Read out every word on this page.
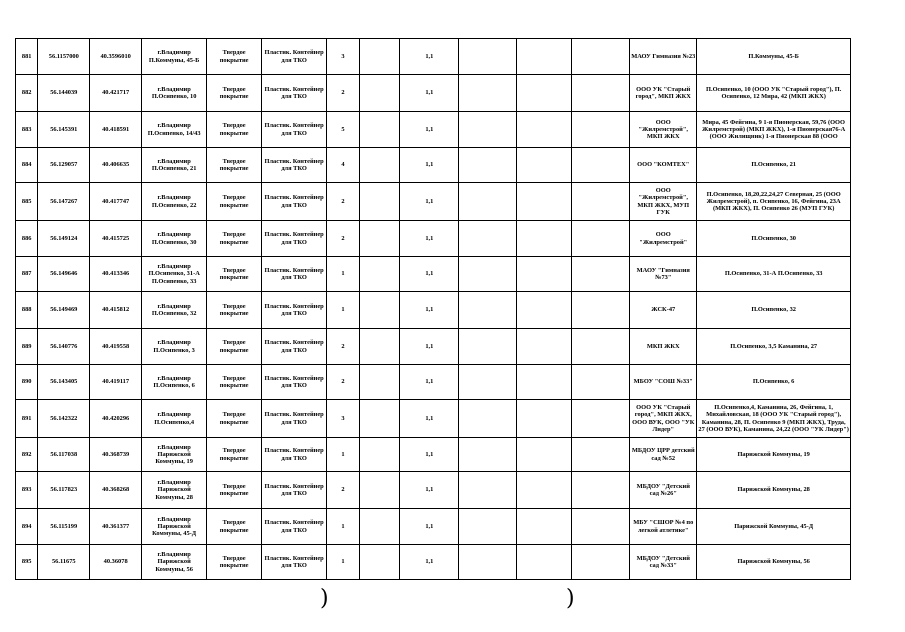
881	56.1157000	40.3596010	г.Владимир П.Коммуны, 45-Б	Твердое покрытие	Пластик. Контейнер для ТКО	3		1,1				МАОУ Гимназия №23	П.Коммуны, 45-Б

882	56.144039	40.421717	г.Владимир П.Осипенко, 10	Твердое покрытие	Пластик. Контейнер для ТКО	2		1,1				ООО УК "Старый город", МКП ЖКХ	П.Осипенко, 10 (ООО УК "Старый город"), П. Осипенко, 12 Мира, 42 (МКП ЖКХ)

883	56.145391	40.418591	г.Владимир П.Осипенко, 14/43	Твердое покрытие	Пластик. Контейнер для ТКО	5		1,1				ООО "Жилремстрой", МКП ЖКХ	Мира, 45 Фейгина, 9 1-я Пионерская, 59,76 (ООО Жилремстрой) (МКП ЖКХ), 1-я Пионерская76-А (ООО Жилищник) 1-я Пионерская 88 (ООО

884	56.129057	40.406635	г.Владимир П.Осипенко, 21	Твердое покрытие	Пластик. Контейнер для ТКО	4		1,1				ООО "КОМТЕХ"	П.Осипенко, 21

885	56.147267	40.417747	г.Владимир П.Осипенко, 22	Твердое покрытие	Пластик. Контейнер для ТКО	2		1,1				ООО "Жилремстрой", МКП ЖКХ, МУП ГУК	П.Осипенко, 18,20,22,24,27 Северная, 25 (ООО Жилремстрой), п. Осипенко, 16, Фейгина, 23А (МКП ЖКХ), П. Осипенко 26 (МУП ГУК)

886	56.149124	40.415725	г.Владимир П.Осипенко, 30	Твердое покрытие	Пластик. Контейнер для ТКО	2		1,1				ООО "Жилремстрой"	П.Осипенко, 30

887	56.149646	40.413346	г.Владимир П.Осипенко, 31-А П.Осипенко, 33	Твердое покрытие	Пластик. Контейнер для ТКО	1		1,1				МАОУ "Гимназия №73"	П.Осипенко, 31-А П.Осипенко, 33

888	56.149469	40.415812	г.Владимир П.Осипенко, 32	Твердое покрытие	Пластик. Контейнер для ТКО	1		1,1				ЖСК-47	П.Осипенко, 32

889	56.140776	40.419558	г.Владимир П.Осипенко, 3	Твердое покрытие	Пластик. Контейнер для ТКО	2		1,1				МКП ЖКХ	П.Осипенко, 3,5 Каманина, 27

890	56.143405	40.419117	г.Владимир П.Осипенко, 6	Твердое покрытие	Пластик. Контейнер для ТКО	2		1,1				МБОУ "СОШ №33"	П.Осипенко, 6

891	56.142322	40.420296	г.Владимир П.Осипенко,4	Твердое покрытие	Пластик. Контейнер для ТКО	3		1,1				ООО УК "Старый город", МКП ЖКХ, ООО ВУК, ООО "УК Лидер"	П.Осипенко,4, Каманина, 26, Фейгина, 1, Михайловская, 18 (ООО УК "Старый город"), Каманина, 28, П. Осипенко 9 (МКП ЖКХ), Труда, 27 (ООО ВУК), Каманина, 24,22 (ООО "УК Лидер")

892	56.117038	40.368739	г.Владимир Парижской Коммуны, 19	Твердое покрытие	Пластик. Контейнер для ТКО	1		1,1				МБДОУ ЦРР детский сад №52	Парижской Коммуны, 19

893	56.117823	40.368268	г.Владимир Парижской Коммуны, 28	Твердое покрытие	Пластик. Контейнер для ТКО	2		1,1				МБДОУ "Детский сад №26"	Парижской Коммуны, 28

894	56.115199	40.361377	г.Владимир Парижской Коммуны, 45-Д	Твердое покрытие	Пластик. Контейнер для ТКО	1		1,1				МБУ "СШОР №4 по легкой атлетике"	Парижской Коммуны, 45-Д

895	56.11675	40.36078	г.Владимир Парижской Коммуны, 56	Твердое покрытие	Пластик. Контейнер для ТКО	1		1,1				МБДОУ "Детский сад №33"	Парижской Коммуны, 56
)	)
